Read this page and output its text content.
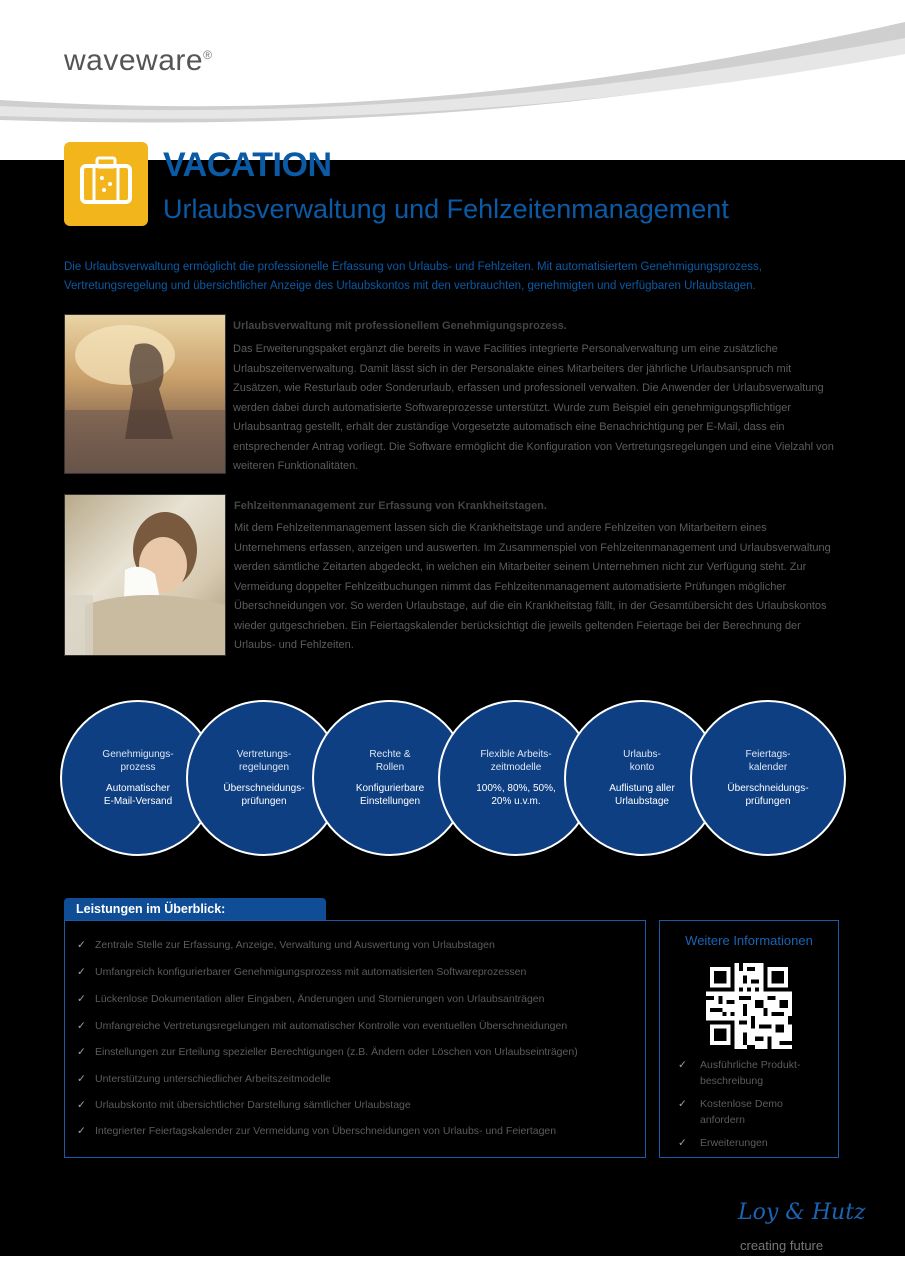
waveware®
VACATION
Urlaubsverwaltung und Fehlzeitenmanagement
Die Urlaubsverwaltung ermöglicht die professionelle Erfassung von Urlaubs- und Fehlzeiten. Mit automatisiertem Genehmigungsprozess, Vertretungsregelung und übersichtlicher Anzeige des Urlaubskontos mit den verbrauchten, genehmigten und verfügbaren Urlaubstagen.
Urlaubsverwaltung mit professionellem Genehmigungsprozess.
Das Erweiterungspaket ergänzt die bereits in wave Facilities integrierte Personalverwaltung um eine zusätzliche Urlaubszeitenverwaltung. Damit lässt sich in der Personalakte eines Mitarbeiters der jährliche Urlaubsanspruch mit Zusätzen, wie Resturlaub oder Sonderurlaub, erfassen und professionell verwalten. Die Anwender der Urlaubsverwaltung werden dabei durch automatisierte Softwareprozesse unterstützt. Wurde zum Beispiel ein genehmigungspflichtiger Urlaubsantrag gestellt, erhält der zuständige Vorgesetzte automatisch eine Benachrichtigung per E-Mail, dass ein entsprechender Antrag vorliegt. Die Software ermöglicht die Konfiguration von Vertretungsregelungen und eine Vielzahl von weiteren Funktionalitäten.
Fehlzeitenmanagement zur Erfassung von Krankheitstagen.
Mit dem Fehlzeitenmanagement lassen sich die Krankheitstage und andere Fehlzeiten von Mitarbeitern eines Unternehmens erfassen, anzeigen und auswerten. Im Zusammenspiel von Fehlzeitenmanagement und Urlaubsverwaltung werden sämtliche Zeitarten abgedeckt, in welchen ein Mitarbeiter seinem Unternehmen nicht zur Verfügung steht. Zur Vermeidung doppelter Fehlzeitbuchungen nimmt das Fehlzeitenmanagement automatisierte Prüfungen möglicher Überschneidungen vor. So werden Urlaubstage, auf die ein Krankheitstag fällt, in der Gesamtübersicht des Urlaubskontos wieder gutgeschrieben. Ein Feiertagskalender berücksichtigt die jeweils geltenden Feiertage bei der Berechnung der Urlaubs- und Fehlzeiten.
Genehmigungs-
prozess
Automatischer
E-Mail-Versand
Vertretungs-
regelungen
Überschneidungs-
prüfungen
Rechte &
Rollen
Konfigurierbare
Einstellungen
Flexible Arbeits-
zeitmodelle
100%, 80%, 50%,
20% u.v.m.
Urlaubs-
konto
Auflistung aller
Urlaubstage
Feiertags-
kalender
Überschneidungs-
prüfungen
Leistungen im Überblick:
✓ Zentrale Stelle zur Erfassung, Anzeige, Verwaltung und Auswertung von Urlaubstagen
✓ Umfangreich konfigurierbarer Genehmigungsprozess mit automatisierten Softwareprozessen
✓ Lückenlose Dokumentation aller Eingaben, Änderungen und Stornierungen von Urlaubsanträgen
✓ Umfangreiche Vertretungsregelungen mit automatischer Kontrolle von eventuellen Überschneidungen
✓ Einstellungen zur Erteilung spezieller Berechtigungen (z.B. Ändern oder Löschen von Urlaubseinträgen)
✓ Unterstützung unterschiedlicher Arbeitszeitmodelle
✓ Urlaubskonto mit übersichtlicher Darstellung sämtlicher Urlaubstage
✓ Integrierter Feiertagskalender zur Vermeidung von Überschneidungen von Urlaubs- und Feiertagen
Weitere Informationen
✓ Ausführliche Produkt-
beschreibung
✓ Kostenlose Demo
anfordern
✓ Erweiterungen
Loy & Hutz
creating future
